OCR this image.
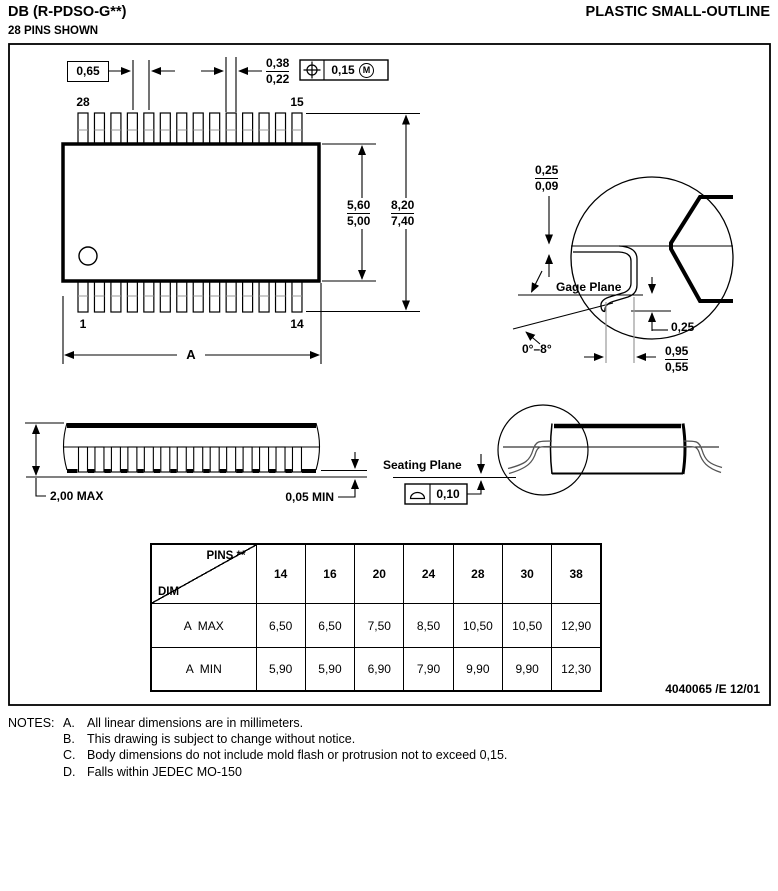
DB (R-PDSO-G**)	PLASTIC SMALL-OUTLINE
28 PINS SHOWN
28	15
1	14
0,65	$\frac{0,38}{0,22}$	0,15 M
$\frac{5,60}{5,00} \frac{8,20}{7,40}$
A
$\frac{0,25}{0,09}$
Gage Plane
0,25
0°–8°	$\frac{0,95}{0,55}$
2,00 MAX	0,05 MIN
Seating Plane
0,10

PINS **

DIM	14	16	20	24	28	30	38
A  MAX	6,50	6,50	7,50	8,50	10,50	10,50	12,90
A  MIN	5,90	5,90	6,90	7,90	9,90	9,90	12,30
4040065 /E 12/01
NOTES: A. All linear dimensions are in millimeters.
B. This drawing is subject to change without notice.
C. Body dimensions do not include mold flash or protrusion not to exceed 0,15.
D. Falls within JEDEC MO-150
